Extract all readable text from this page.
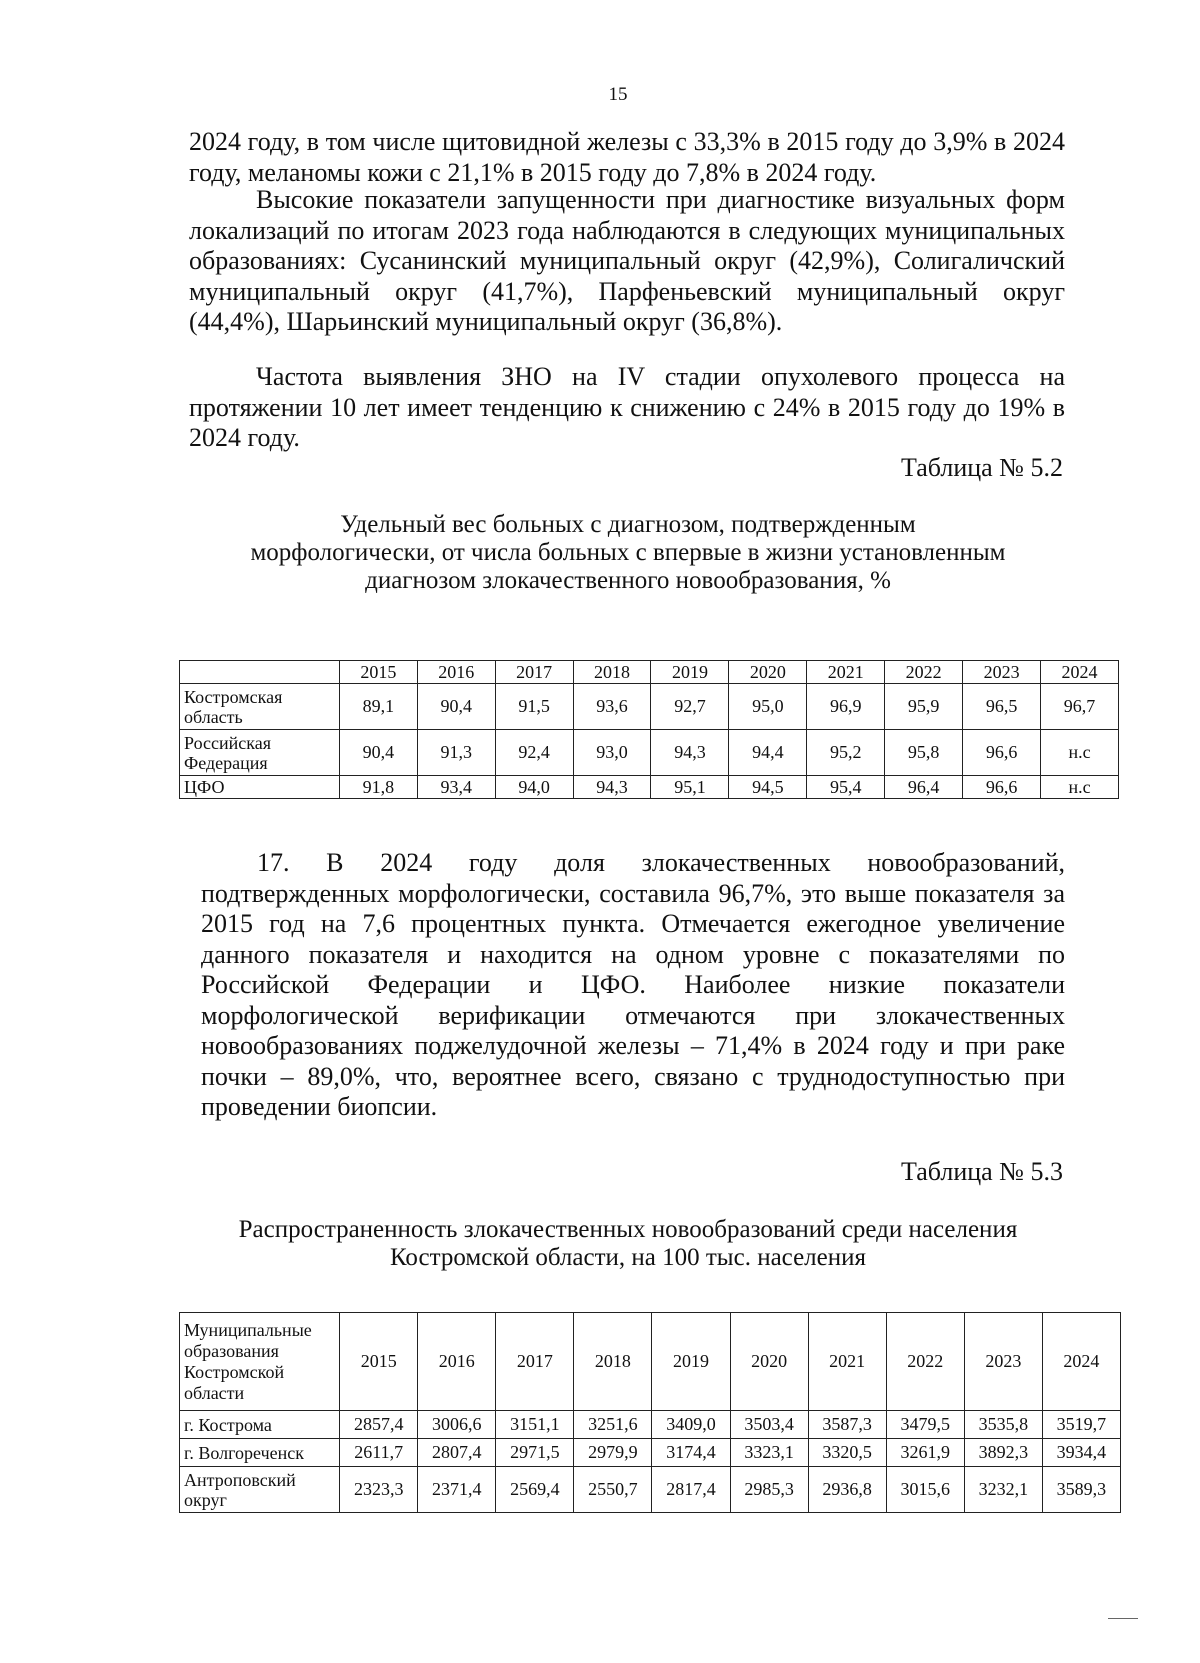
15

2024 году, в том числе щитовидной железы с 33,3% в 2015 году до 3,9% в 2024 году, меланомы кожи с 21,1% в 2015 году до 7,8% в 2024 году.

Высокие показатели запущенности при диагностике визуальных форм локализаций по итогам 2023 года наблюдаются в следующих муниципальных образованиях: Сусанинский муниципальный округ (42,9%), Солигаличский муниципальный округ (41,7%), Парфеньевский муниципальный округ (44,4%), Шарьинский муниципальный округ (36,8%).

Частота выявления ЗНО на IV стадии опухолевого процесса на протяжении 10 лет имеет тенденцию к снижению с 24% в 2015 году до 19% в 2024 году.

Таблица № 5.2
Удельный вес больных с диагнозом, подтвержденным
морфологически, от числа больных с впервые в жизни установленным
диагнозом злокачественного новообразования, %
	2015	2016	2017	2018	2019	2020	2021	2022	2023	2024
Костромская область	89,1	90,4	91,5	93,6	92,7	95,0	96,9	95,9	96,5	96,7
Российская Федерация	90,4	91,3	92,4	93,0	94,3	94,4	95,2	95,8	96,6	н.с
ЦФО	91,8	93,4	94,0	94,3	95,1	94,5	95,4	96,4	96,6	н.с

17. В 2024 году доля злокачественных новообразований, подтвержденных морфологически, составила 96,7%, это выше показателя за 2015 год на 7,6 процентных пункта. Отмечается ежегодное увеличение данного показателя и находится на одном уровне с показателями по Российской Федерации и ЦФО. Наиболее низкие показатели морфологической верификации отмечаются при злокачественных новообразованиях поджелудочной железы – 71,4% в 2024 году и при раке почки – 89,0%, что, вероятнее всего, связано с труднодоступностью при проведении биопсии.

Таблица № 5.3
Распространенность злокачественных новообразований среди населения
Костромской области, на 100 тыс. населения
Муниципальные образования Костромской области	2015	2016	2017	2018	2019	2020	2021	2022	2023	2024
г. Кострома	2857,4	3006,6	3151,1	3251,6	3409,0	3503,4	3587,3	3479,5	3535,8	3519,7
г. Волгореченск	2611,7	2807,4	2971,5	2979,9	3174,4	3323,1	3320,5	3261,9	3892,3	3934,4
Антроповский округ	2323,3	2371,4	2569,4	2550,7	2817,4	2985,3	2936,8	3015,6	3232,1	3589,3
